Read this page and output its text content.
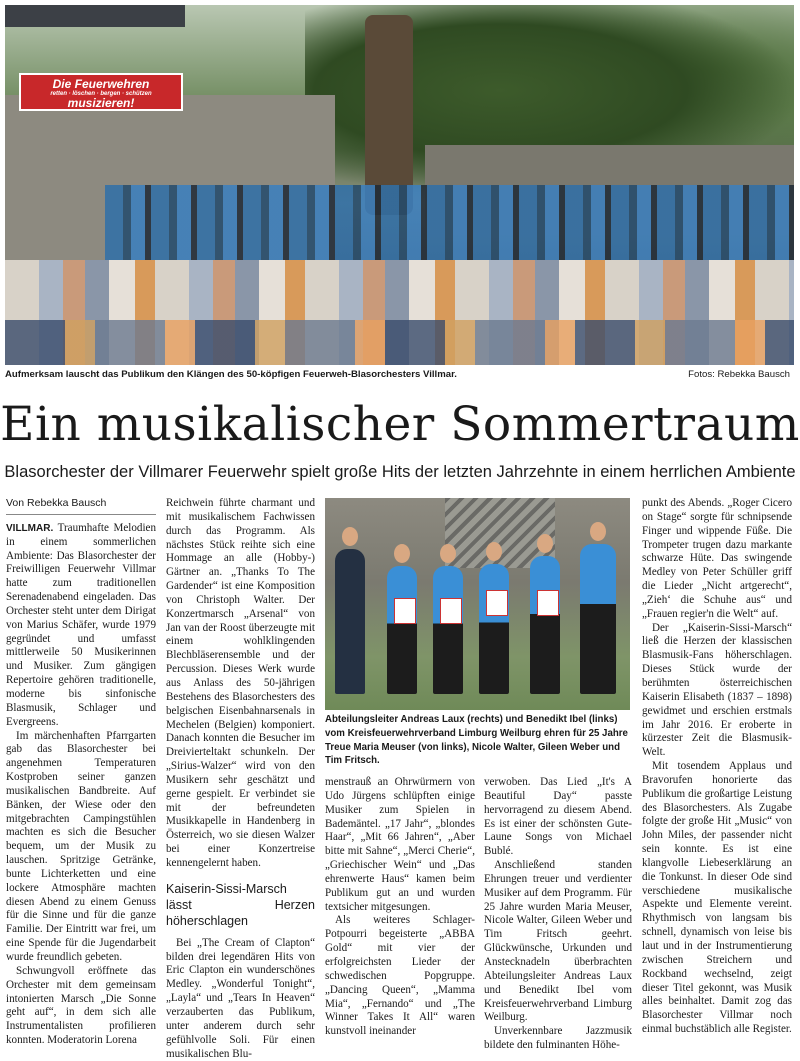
Die Feuerwehren
retten · löschen · bergen · schützen
musizieren!
Aufmerksam lauscht das Publikum den Klängen des 50-köpfigen Feuerweh-Blasorchesters Villmar.	Fotos: Rebekka Bausch
Ein musikalischer Sommertraum
Blasorchester der Villmarer Feuerwehr spielt große Hits der letzten Jahrzehnte in einem herrlichen Ambiente
Von Rebekka Bausch

VILLMAR. Traumhafte Melodien in einem sommerlichen Ambiente: Das Blasorchester der Freiwilligen Feuerwehr Villmar hatte zum traditionellen Serenadenabend eingeladen. Das Orchester steht unter dem Dirigat von Marius Schäfer, wurde 1979 gegründet und umfasst mittlerweile 50 Musikerinnen und Musiker. Zum gängigen Repertoire gehören traditionelle, moderne bis sinfonische Blasmusik, Schlager und Evergreens.

Im märchenhaften Pfarrgarten gab das Blasorchester bei angenehmen Temperaturen Kostproben seiner ganzen musikalischen Bandbreite. Auf Bänken, der Wiese oder den mitgebrachten Campingstühlen machten es sich die Besucher bequem, um der Musik zu lauschen. Spritzige Getränke, bunte Lichterketten und eine lockere Atmosphäre machten diesen Abend zu einem Genuss für die Sinne und für die ganze Familie. Der Eintritt war frei, um eine Spende für die Jugendarbeit wurde freundlich gebeten.

Schwungvoll eröffnete das Orchester mit dem gemeinsam intonierten Marsch „Die Sonne geht auf“, in dem sich alle Instrumentalisten profilieren konnten. Moderatorin Lorena

Reichwein führte charmant und mit musikalischem Fachwissen durch das Programm. Als nächstes Stück reihte sich eine Hommage an alle (Hobby-) Gärtner an. „Thanks To The Gardender“ ist eine Komposition von Christoph Walter. Der Konzertmarsch „Arsenal“ von Jan van der Roost überzeugte mit einem wohlklingenden Blechbläserensemble und der Percussion. Dieses Werk wurde aus Anlass des 50-jährigen Bestehens des Blasorchesters des belgischen Eisenbahnarsenals in Mechelen (Belgien) komponiert. Danach konnten die Besucher im Dreivierteltakt schunkeln. Der „Sirius-Walzer“ wird von den Musikern sehr geschätzt und gerne gespielt. Er verbindet sie mit der befreundeten Musikkapelle in Handenberg in Österreich, wo sie diesen Walzer bei einer Konzertreise kennengelernt haben.

Kaiserin-Sissi-Marsch lässt Herzen höherschlagen

Bei „The Cream of Clapton“ bilden drei legendären Hits von Eric Clapton ein wunderschönes Medley. „Wonderful Tonight“, „Layla“ und „Tears In Heaven“ verzauberten das Publikum, unter anderem durch sehr gefühlvolle Soli. Für einen musikalischen Blu-

Abteilungsleiter Andreas Laux (rechts) und Benedikt Ibel (links) vom Kreisfeuerwehrverband Limburg Weilburg ehren für 25 Jahre Treue Maria Meuser (von links), Nicole Walter, Gileen Weber und Tim Fritsch.

menstrauß an Ohrwürmern von Udo Jürgens schlüpften einige Musiker zum Spielen in Bademäntel. „17 Jahr“, „blondes Haar“, „Mit 66 Jahren“, „Aber bitte mit Sahne“, „Merci Cherie“, „Griechischer Wein“ und „Das ehrenwerte Haus“ kamen beim Publikum gut an und wurden textsicher mitgesungen.

Als weiteres Schlager-Potpourri begeisterte „ABBA Gold“ mit vier der erfolgreichsten Lieder der schwedischen Popgruppe. „Dancing Queen“, „Mamma Mia“, „Fernando“ und „The Winner Takes It All“ waren kunstvoll ineinander

verwoben. Das Lied „It's A Beautiful Day“ passte hervorragend zu diesem Abend. Es ist einer der schönsten Gute-Laune Songs von Michael Bublé.

Anschließend standen Ehrungen treuer und verdienter Musiker auf dem Programm. Für 25 Jahre wurden Maria Meuser, Nicole Walter, Gileen Weber und Tim Fritsch geehrt. Glückwünsche, Urkunden und Anstecknadeln überbrachten Abteilungsleiter Andreas Laux und Benedikt Ibel vom Kreisfeuerwehrverband Limburg Weilburg.

Unverkennbare Jazzmusik bildete den fulminanten Höhe-

punkt des Abends. „Roger Cicero on Stage“ sorgte für schnipsende Finger und wippende Füße. Die Trompeter trugen dazu markante schwarze Hüte. Das swingende Medley von Peter Schüller griff die Lieder „Nicht artgerecht“, „Zieh‘ die Schuhe aus“ und „Frauen regier'n die Welt“ auf.

Der „Kaiserin-Sissi-Marsch“ ließ die Herzen der klassischen Blasmusik-Fans höherschlagen. Dieses Stück wurde der berühmten österreichischen Kaiserin Elisabeth (1837 – 1898) gewidmet und erschien erstmals im Jahr 2016. Er eroberte in kürzester Zeit die Blasmusik-Welt.

Mit tosendem Applaus und Bravorufen honorierte das Publikum die großartige Leistung des Blasorchesters. Als Zugabe folgte der große Hit „Music“ von John Miles, der passender nicht sein konnte. Es ist eine klangvolle Liebeserklärung an die Tonkunst. In dieser Ode sind verschiedene musikalische Aspekte und Elemente vereint. Rhythmisch von langsam bis schnell, dynamisch von leise bis laut und in der Instrumentierung zwischen Streichern und Rockband wechselnd, zeigt dieser Titel gekonnt, was Musik alles beinhaltet. Damit zog das Blasorchester Villmar noch einmal buchstäblich alle Register.
